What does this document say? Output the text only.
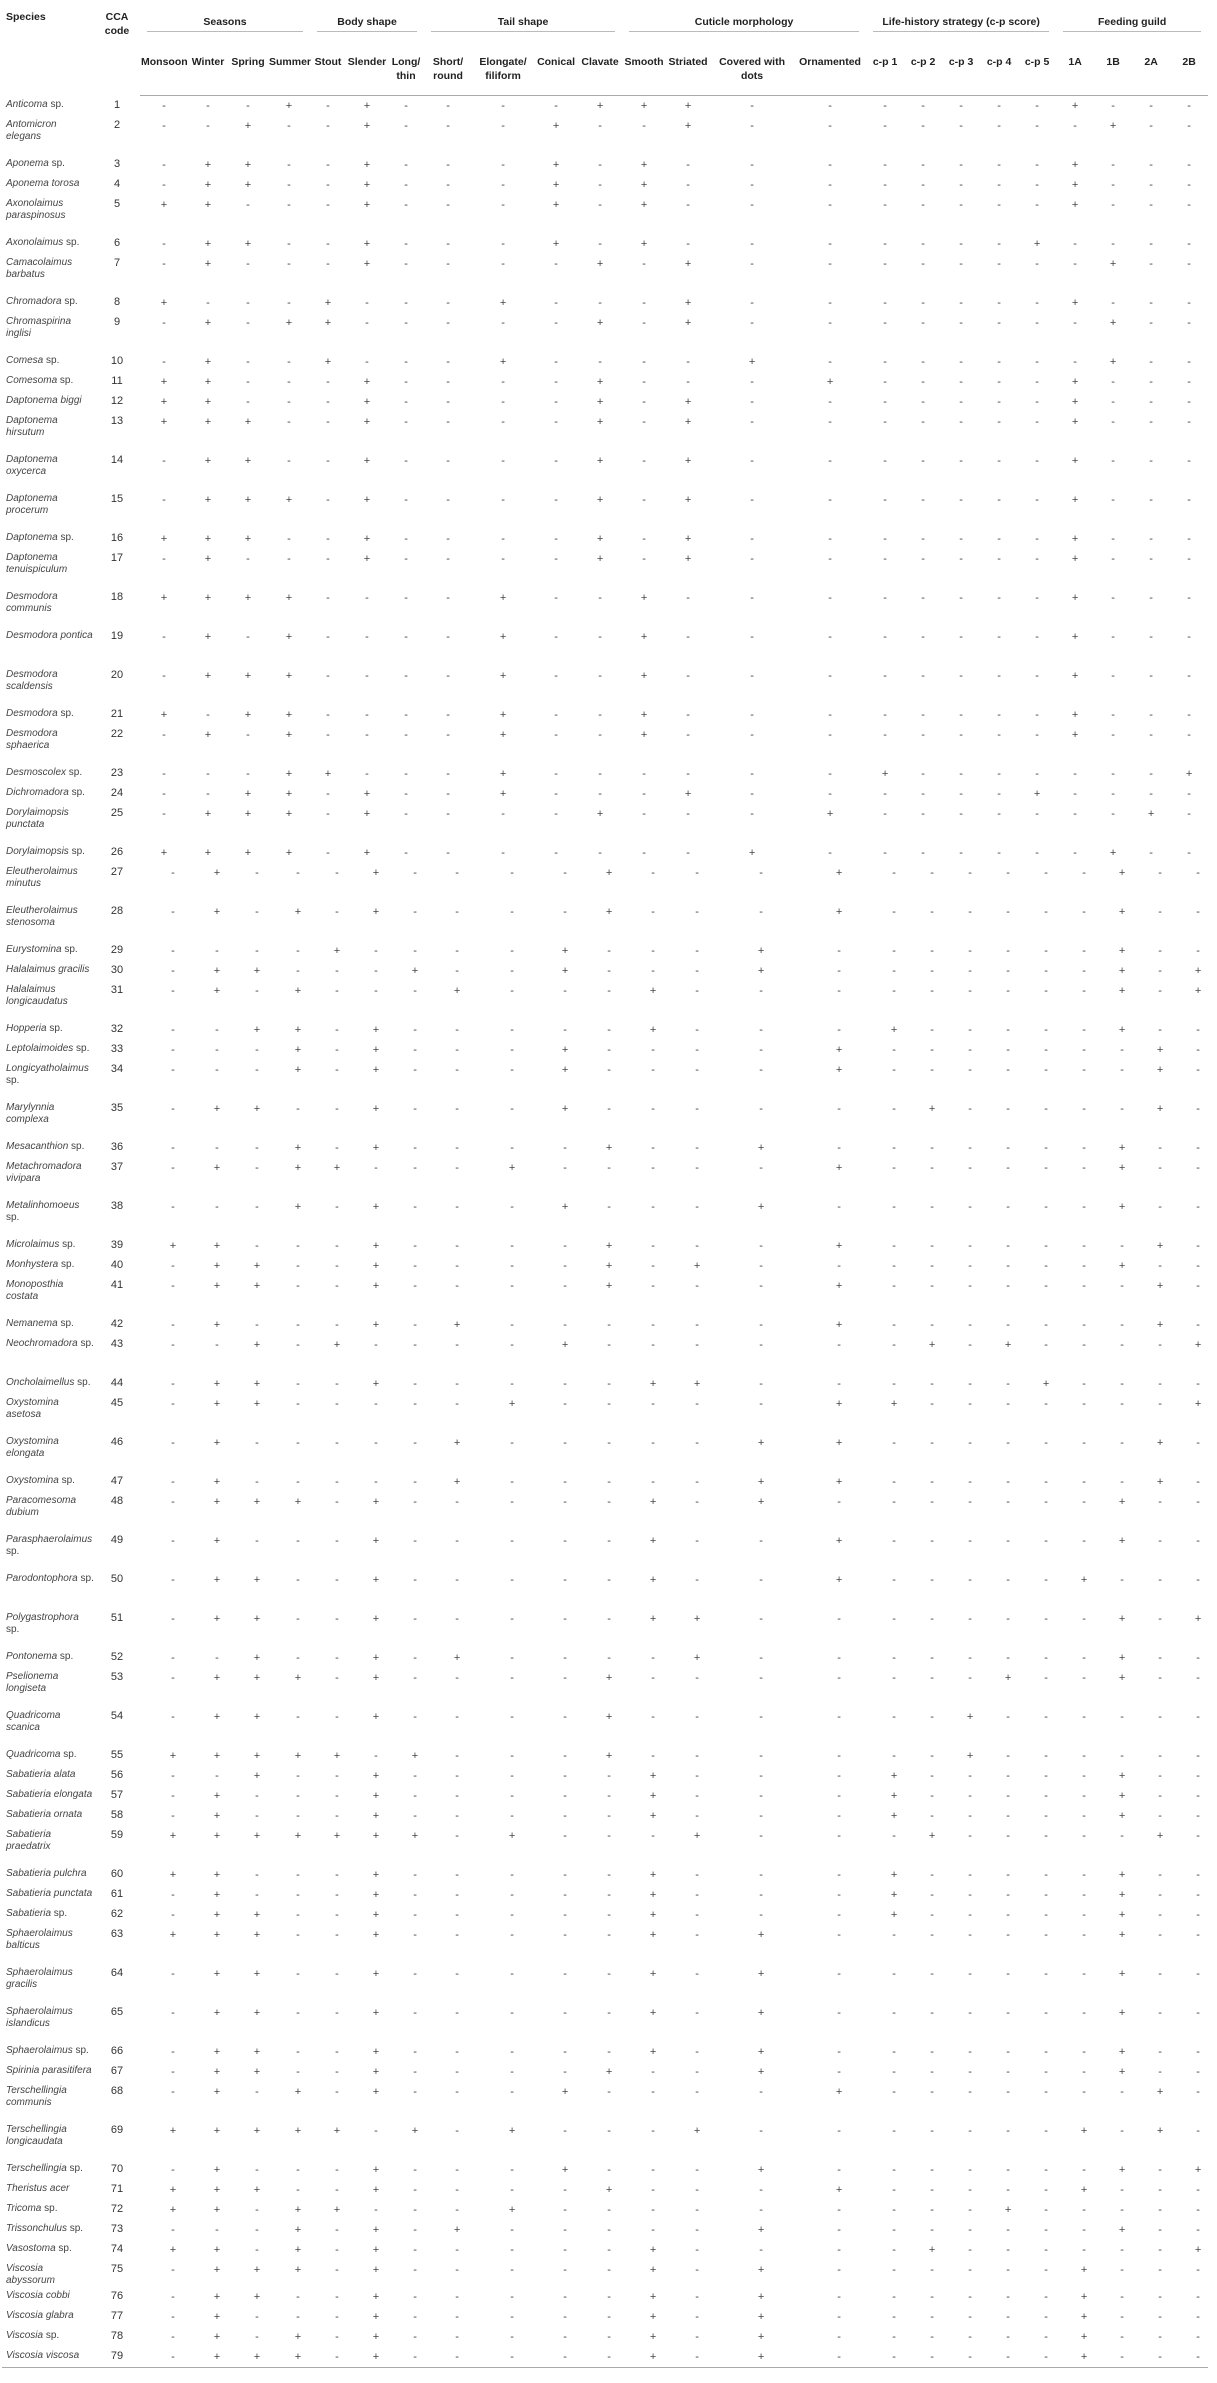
Species	CCA code	Seasons	Body shape	Tail shape	Cuticle morphology	Life-history strategy (c-p score)	Feeding guild

Monsoon	Winter	Spring	Summer	Stout	Slender	Long/ thin	Short/ round	Elongate/ filiform	Conical	Clavate	Smooth	Striated	Covered with dots	Ornamented	c-p 1	c-p 2	c-p 3	c-p 4	c-p 5	1A	1B	2A	2B
Anticoma sp.	1	-	-	-	+	-	+	-	-	-	-	+	+	+	-	-	-	-	-	-	-	+	-	-	-
Antomicron elegans	2	-	-	+	-	-	+	-	-	-	+	-	-	+	-	-	-	-	-	-	-	-	+	-	-
Aponema sp.	3	-	+	+	-	-	+	-	-	-	+	-	+	-	-	-	-	-	-	-	-	+	-	-	-
Aponema torosa	4	-	+	+	-	-	+	-	-	-	+	-	+	-	-	-	-	-	-	-	-	+	-	-	-
Axonolaimus paraspinosus	5	+	+	-	-	-	+	-	-	-	+	-	+	-	-	-	-	-	-	-	-	+	-	-	-
Axonolaimus sp.	6	-	+	+	-	-	+	-	-	-	+	-	+	-	-	-	-	-	-	-	+	-	-	-	-
Camacolaimus barbatus	7	-	+	-	-	-	+	-	-	-	-	+	-	+	-	-	-	-	-	-	-	-	+	-	-
Chromadora sp.	8	+	-	-	-	+	-	-	-	+	-	-	-	+	-	-	-	-	-	-	-	+	-	-	-
Chromaspirina inglisi	9	-	+	-	+	+	-	-	-	-	-	+	-	+	-	-	-	-	-	-	-	-	+	-	-
Comesa sp.	10	-	+	-	-	+	-	-	-	+	-	-	-	-	+	-	-	-	-	-	-	-	+	-	-
Comesoma sp.	11	+	+	-	-	-	+	-	-	-	-	+	-	-	-	+	-	-	-	-	-	+	-	-	-
Daptonema biggi	12	+	+	-	-	-	+	-	-	-	-	+	-	+	-	-	-	-	-	-	-	+	-	-	-
Daptonema hirsutum	13	+	+	+	-	-	+	-	-	-	-	+	-	+	-	-	-	-	-	-	-	+	-	-	-
Daptonema oxycerca	14	-	+	+	-	-	+	-	-	-	-	+	-	+	-	-	-	-	-	-	-	+	-	-	-
Daptonema procerum	15	-	+	+	+	-	+	-	-	-	-	+	-	+	-	-	-	-	-	-	-	+	-	-	-
Daptonema sp.	16	+	+	+	-	-	+	-	-	-	-	+	-	+	-	-	-	-	-	-	-	+	-	-	-
Daptonema tenuispiculum	17	-	+	-	-	-	+	-	-	-	-	+	-	+	-	-	-	-	-	-	-	+	-	-	-
Desmodora communis	18	+	+	+	+	-	-	-	-	+	-	-	+	-	-	-	-	-	-	-	-	+	-	-	-
Desmodora pontica	19	-	+	-	+	-	-	-	-	+	-	-	+	-	-	-	-	-	-	-	-	+	-	-	-
Desmodora scaldensis	20	-	+	+	+	-	-	-	-	+	-	-	+	-	-	-	-	-	-	-	-	+	-	-	-
Desmodora sp.	21	+	-	+	+	-	-	-	-	+	-	-	+	-	-	-	-	-	-	-	-	+	-	-	-
Desmodora sphaerica	22	-	+	-	+	-	-	-	-	+	-	-	+	-	-	-	-	-	-	-	-	+	-	-	-
Desmoscolex sp.	23	-	-	-	+	+	-	-	-	+	-	-	-	-	-	-	+	-	-	-	-	-	-	-	+
Dichromadora sp.	24	-	-	+	+	-	+	-	-	+	-	-	-	+	-	-	-	-	-	-	+	-	-	-	-
Dorylaimopsis punctata	25	-	+	+	+	-	+	-	-	-	-	+	-	-	-	+	-	-	-	-	-	-	-	+	-
Dorylaimopsis sp.	26	+	+	+	+	-	+	-	-	-	-	-	-	-	+	-	-	-	-	-	-	-	+	-	-
Eleutherolaimus minutus	27	-	+	-	-	-	+	-	-	-	-	+	-	-	-	+	-	-	-	-	-	-	+	-	-
Eleutherolaimus stenosoma	28	-	+	-	+	-	+	-	-	-	-	+	-	-	-	+	-	-	-	-	-	-	+	-	-
Eurystomina sp.	29	-	-	-	-	+	-	-	-	-	+	-	-	-	+	-	-	-	-	-	-	-	+	-	-
Halalaimus gracilis	30	-	+	+	-	-	-	+	-	-	+	-	-	-	+	-	-	-	-	-	-	-	+	-	+
Halalaimus longicaudatus	31	-	+	-	+	-	-	-	+	-	-	-	+	-	-	-	-	-	-	-	-	-	+	-	+
Hopperia sp.	32	-	-	+	+	-	+	-	-	-	-	-	+	-	-	-	+	-	-	-	-	-	+	-	-
Leptolaimoides sp.	33	-	-	-	+	-	+	-	-	-	+	-	-	-	-	+	-	-	-	-	-	-	-	+	-
Longicyatholaimus sp.	34	-	-	-	+	-	+	-	-	-	+	-	-	-	-	+	-	-	-	-	-	-	-	+	-
Marylynnia complexa	35	-	+	+	-	-	+	-	-	-	+	-	-	-	-	-	-	+	-	-	-	-	-	+	-
Mesacanthion sp.	36	-	-	-	+	-	+	-	-	-	-	+	-	-	+	-	-	-	-	-	-	-	+	-	-
Metachromadora vivipara	37	-	+	-	+	+	-	-	-	+	-	-	-	-	-	+	-	-	-	-	-	-	+	-	-
Metalinhomoeus sp.	38	-	-	-	+	-	+	-	-	-	+	-	-	-	+	-	-	-	-	-	-	-	+	-	-
Microlaimus sp.	39	+	+	-	-	-	+	-	-	-	-	+	-	-	-	+	-	-	-	-	-	-	-	+	-
Monhystera sp.	40	-	+	+	-	-	+	-	-	-	-	+	-	+	-	-	-	-	-	-	-	-	+	-	-
Monoposthia costata	41	-	+	+	-	-	+	-	-	-	-	+	-	-	-	+	-	-	-	-	-	-	-	+	-
Nemanema sp.	42	-	+	-	-	-	+	-	+	-	-	-	-	-	-	+	-	-	-	-	-	-	-	+	-
Neochromadora sp.	43	-	-	+	-	+	-	-	-	-	+	-	-	-	-	-	-	+	-	+	-	-	-	-	+
Oncholaimellus sp.	44	-	+	+	-	-	+	-	-	-	-	-	+	+	-	-	-	-	-	-	+	-	-	-	-
Oxystomina asetosa	45	-	+	+	-	-	-	-	-	+	-	-	-	-	-	+	+	-	-	-	-	-	-	-	+
Oxystomina elongata	46	-	+	-	-	-	-	-	+	-	-	-	-	-	+	+	-	-	-	-	-	-	-	+	-
Oxystomina sp.	47	-	+	-	-	-	-	-	+	-	-	-	-	-	+	+	-	-	-	-	-	-	-	+	-
Paracomesoma dubium	48	-	+	+	+	-	+	-	-	-	-	-	+	-	+	-	-	-	-	-	-	-	+	-	-
Parasphaerolaimus sp.	49	-	+	-	-	-	+	-	-	-	-	-	+	-	-	+	-	-	-	-	-	-	+	-	-
Parodontophora sp.	50	-	+	+	-	-	+	-	-	-	-	-	+	-	-	+	-	-	-	-	-	+	-	-	-
Polygastrophora sp.	51	-	+	+	-	-	+	-	-	-	-	-	+	+	-	-	-	-	-	-	-	-	+	-	+
Pontonema sp.	52	-	-	+	-	-	+	-	+	-	-	-	-	+	-	-	-	-	-	-	-	-	+	-	-
Pselionema longiseta	53	-	+	+	+	-	+	-	-	-	-	+	-	-	-	-	-	-	-	+	-	-	+	-	-
Quadricoma scanica	54	-	+	+	-	-	+	-	-	-	-	+	-	-	-	-	-	-	+	-	-	-	-	-	-
Quadricoma sp.	55	+	+	+	+	+	-	+	-	-	-	+	-	-	-	-	-	-	+	-	-	-	-	-	-
Sabatieria alata	56	-	-	+	-	-	+	-	-	-	-	-	+	-	-	-	+	-	-	-	-	-	+	-	-
Sabatieria elongata	57	-	+	-	-	-	+	-	-	-	-	-	+	-	-	-	+	-	-	-	-	-	+	-	-
Sabatieria ornata	58	-	+	-	-	-	+	-	-	-	-	-	+	-	-	-	+	-	-	-	-	-	+	-	-
Sabatieria praedatrix	59	+	+	+	+	+	+	+	-	+	-	-	-	+	-	-	-	+	-	-	-	-	-	+	-
Sabatieria pulchra	60	+	+	-	-	-	+	-	-	-	-	-	+	-	-	-	+	-	-	-	-	-	+	-	-
Sabatieria punctata	61	-	+	-	-	-	+	-	-	-	-	-	+	-	-	-	+	-	-	-	-	-	+	-	-
Sabatieria sp.	62	-	+	+	-	-	+	-	-	-	-	-	+	-	-	-	+	-	-	-	-	-	+	-	-
Sphaerolaimus balticus	63	+	+	+	-	-	+	-	-	-	-	-	+	-	+	-	-	-	-	-	-	-	+	-	-
Sphaerolaimus gracilis	64	-	+	+	-	-	+	-	-	-	-	-	+	-	+	-	-	-	-	-	-	-	+	-	-
Sphaerolaimus islandicus	65	-	+	+	-	-	+	-	-	-	-	-	+	-	+	-	-	-	-	-	-	-	+	-	-
Sphaerolaimus sp.	66	-	+	+	-	-	+	-	-	-	-	-	+	-	+	-	-	-	-	-	-	-	+	-	-
Spirinia parasitifera	67	-	+	+	-	-	+	-	-	-	-	+	-	-	+	-	-	-	-	-	-	-	+	-	-
Terschellingia communis	68	-	+	-	+	-	+	-	-	-	+	-	-	-	-	+	-	-	-	-	-	-	-	+	-
Terschellingia longicaudata	69	+	+	+	+	+	-	+	-	+	-	-	-	+	-	-	-	-	-	-	-	+	-	+	-
Terschellingia sp.	70	-	+	-	-	-	+	-	-	-	+	-	-	-	+	-	-	-	-	-	-	-	+	-	+
Theristus acer	71	+	+	+	-	-	+	-	-	-	-	+	-	-	-	+	-	-	-	-	-	+	-	-	-
Tricoma sp.	72	+	+	-	+	+	-	-	-	+	-	-	-	-	-	-	-	-	-	+	-	-	-	-	-
Trissonchulus sp.	73	-	-	-	+	-	+	-	+	-	-	-	-	-	+	-	-	-	-	-	-	-	+	-	-
Vasostoma sp.	74	+	+	-	+	-	+	-	-	-	-	-	+	-	-	-	-	+	-	-	-	-	-	-	+
Viscosia abyssorum	75	-	+	+	+	-	+	-	-	-	-	-	+	-	+	-	-	-	-	-	-	+	-	-	-
Viscosia cobbi	76	-	+	+	-	-	+	-	-	-	-	-	+	-	+	-	-	-	-	-	-	+	-	-	-
Viscosia glabra	77	-	+	-	-	-	+	-	-	-	-	-	+	-	+	-	-	-	-	-	-	+	-	-	-
Viscosia sp.	78	-	+	-	+	-	+	-	-	-	-	-	+	-	+	-	-	-	-	-	-	+	-	-	-
Viscosia viscosa	79	-	+	+	+	-	+	-	-	-	-	-	+	-	+	-	-	-	-	-	-	+	-	-	-
